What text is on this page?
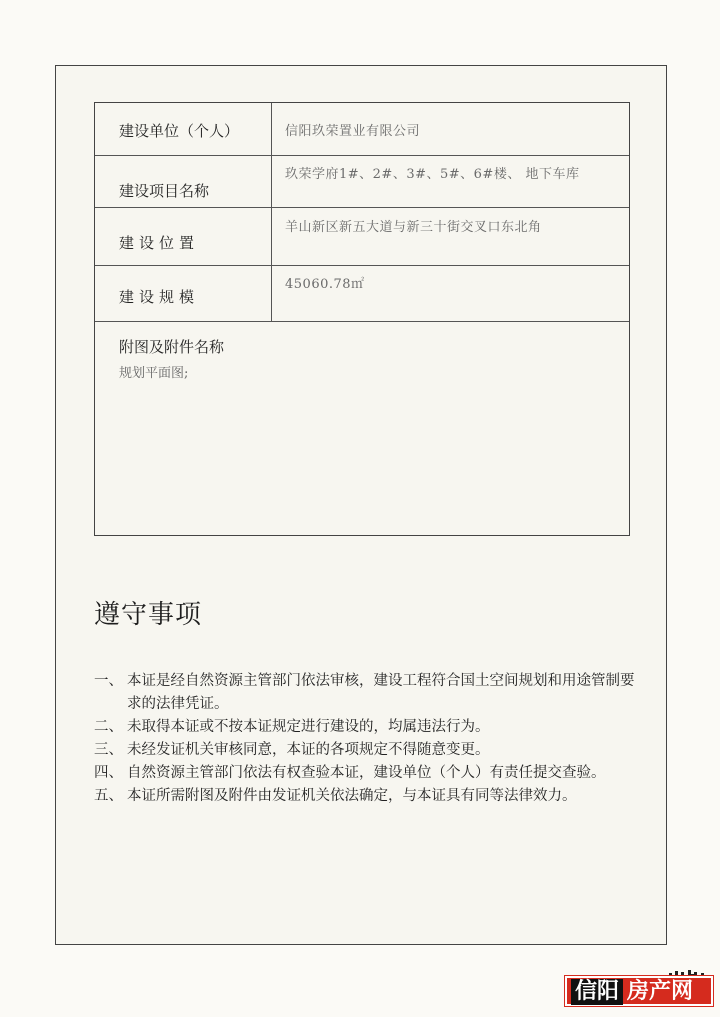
建设单位（个人）	信阳玖荣置业有限公司
建设项目名称
玖荣学府1#、2#、3#、5#、6#楼、 地下车库
建设位置
羊山新区新五大道与新三十街交叉口东北角
建设规模
45060.78㎡
附图及附件名称
规划平面图;
遵守事项
一、 本证是经自然资源主管部门依法审核，建设工程符合国土空间规划和用途管制要求的法律凭证。
二、 未取得本证或不按本证规定进行建设的，均属违法行为。
三、 未经发证机关审核同意，本证的各项规定不得随意变更。
四、 自然资源主管部门依法有权查验本证，建设单位（个人）有责任提交查验。
五、 本证所需附图及附件由发证机关依法确定，与本证具有同等法律效力。
信阳 房产网
